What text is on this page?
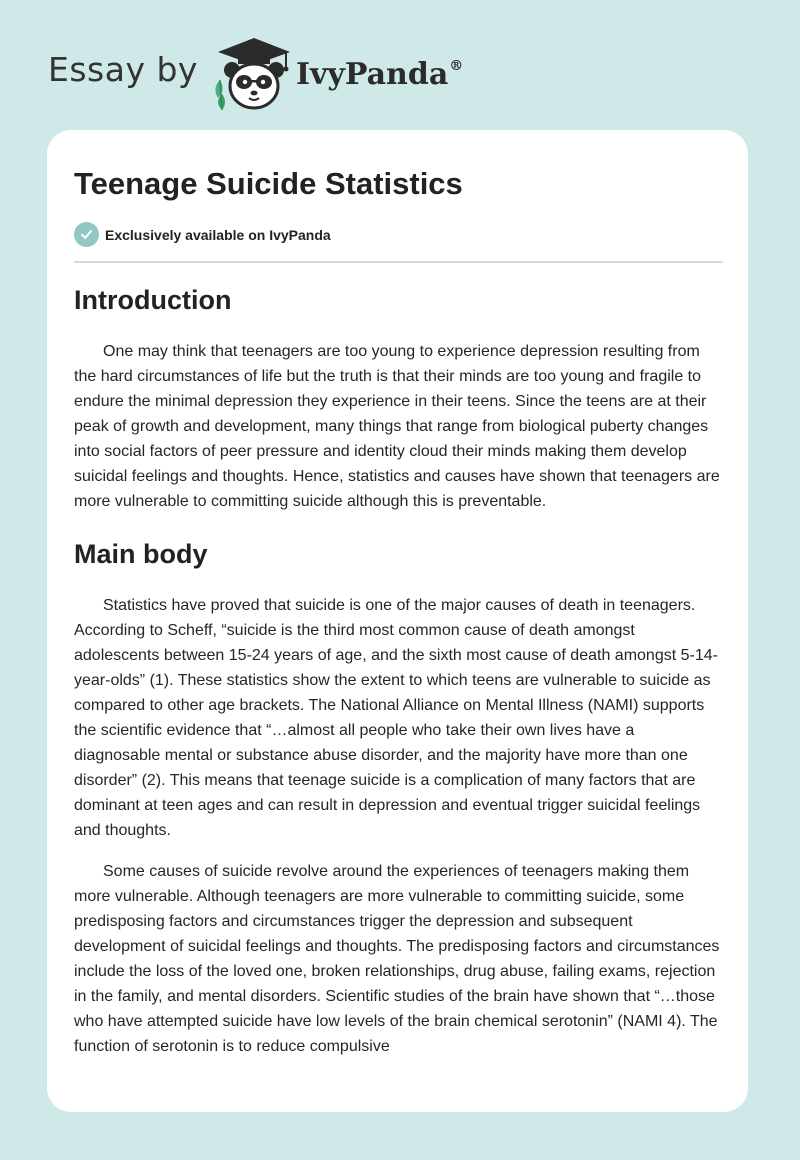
Essay by	IvyPanda®
Teenage Suicide Statistics
Exclusively available on IvyPanda
Introduction

One may think that teenagers are too young to experience depression resulting from the hard circumstances of life but the truth is that their minds are too young and fragile to endure the minimal depression they experience in their teens. Since the teens are at their peak of growth and development, many things that range from biological puberty changes into social factors of peer pressure and identity cloud their minds making them develop suicidal feelings and thoughts. Hence, statistics and causes have shown that teenagers are more vulnerable to committing suicide although this is preventable.

Main body

Statistics have proved that suicide is one of the major causes of death in teenagers. According to Scheff, “suicide is the third most common cause of death amongst adolescents between 15-24 years of age, and the sixth most cause of death amongst 5-14-year-olds” (1). These statistics show the extent to which teens are vulnerable to suicide as compared to other age brackets. The National Alliance on Mental Illness (NAMI) supports the scientific evidence that “…almost all people who take their own lives have a diagnosable mental or substance abuse disorder, and the majority have more than one disorder” (2). This means that teenage suicide is a complication of many factors that are dominant at teen ages and can result in depression and eventual trigger suicidal feelings and thoughts.

Some causes of suicide revolve around the experiences of teenagers making them more vulnerable. Although teenagers are more vulnerable to committing suicide, some predisposing factors and circumstances trigger the depression and subsequent development of suicidal feelings and thoughts. The predisposing factors and circumstances include the loss of the loved one, broken relationships, drug abuse, failing exams, rejection in the family, and mental disorders. Scientific studies of the brain have shown that “…those who have attempted suicide have low levels of the brain chemical serotonin” (NAMI 4). The function of serotonin is to reduce compulsive
